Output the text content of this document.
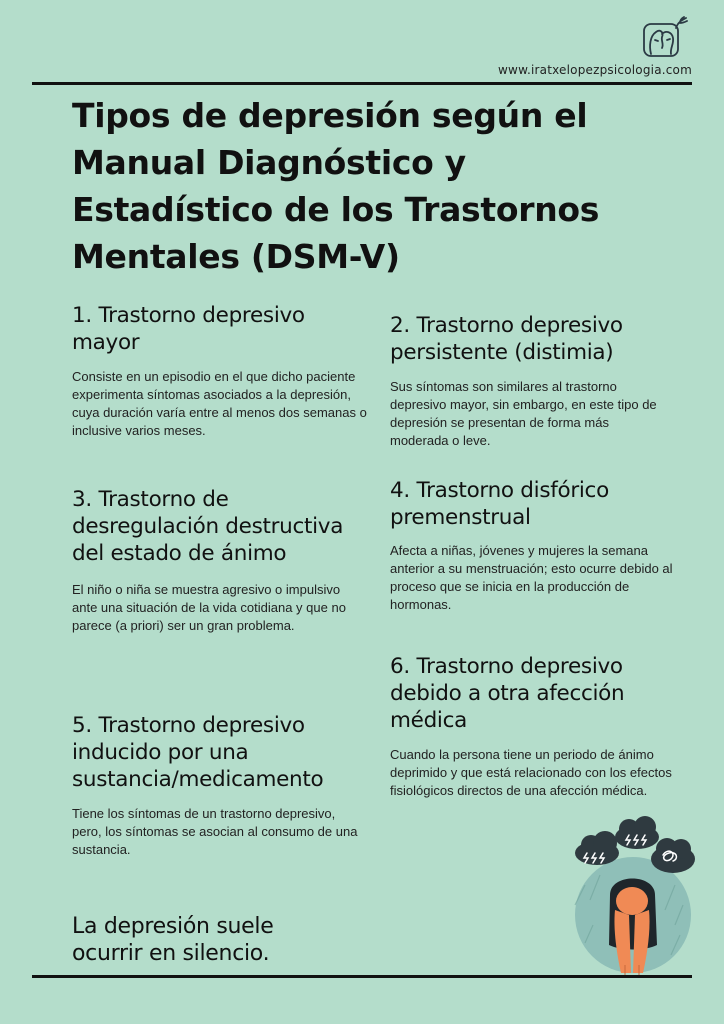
www.iratxelopezpsicologia.com
Tipos de depresión según el Manual Diagnóstico y Estadístico de los Trastornos Mentales (DSM-V)
1. Trastorno depresivo mayor

Consiste en un episodio en el que dicho paciente experimenta síntomas asociados a la depresión, cuya duración varía entre al menos dos semanas o inclusive varios meses.

2. Trastorno depresivo persistente (distimia)

Sus síntomas son similares al trastorno depresivo mayor, sin embargo, en este tipo de depresión se presentan de forma más moderada o leve.

3. Trastorno de desregulación destructiva del estado de ánimo

El niño o niña se muestra agresivo o impulsivo ante una situación de la vida cotidiana y que no parece (a priori) ser un gran problema.

4. Trastorno disfórico premenstrual

Afecta a niñas, jóvenes y mujeres la semana anterior a su menstruación; esto ocurre debido al proceso que se inicia en la producción de hormonas.

5. Trastorno depresivo inducido por una sustancia/medicamento

Tiene los síntomas de un trastorno depresivo, pero, los síntomas se asocian al consumo de una sustancia.

6. Trastorno depresivo debido a otra afección médica

Cuando la persona tiene un periodo de ánimo deprimido y que está relacionado con los efectos fisiológicos directos de una afección médica.

La depresión suele ocurrir en silencio.
